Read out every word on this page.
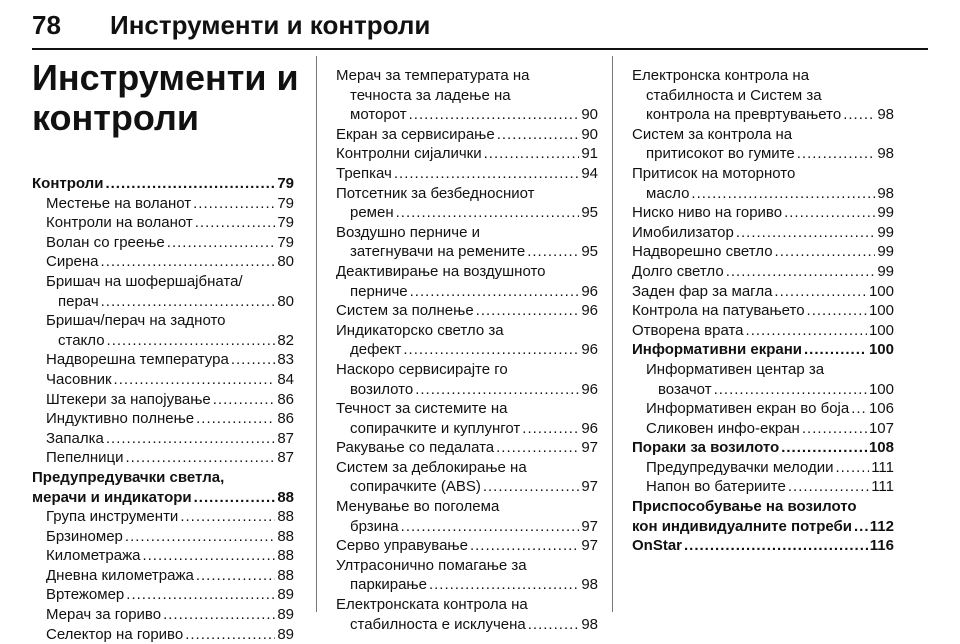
78 Инструменти и контроли
Инструменти и контроли
Контроли .....	79
Местење на воланот .....	79
Контроли на воланот .....	79
Волан со греење .....	79
Сирена .....	80
Бришач на шофершајбната/
перач .....	80
Бришач/перач на задното
стакло .....	82
Надворешна температура .....	83
Часовник .....	84
Штекери за напојување .....	86
Индуктивно полнење .....	86
Запалка .....	87
Пепелници .....	87
Предупредувачки светла,
мерачи и индикатори .....	88
Група инструменти .....	88
Брзиномер .....	88
Километража .....	88
Дневна километража .....	88
Вртежомер .....	89
Мерач за гориво .....	89
Селектор на гориво .....	89
Мерач за температурата на
течноста за ладење на
моторот .....	90
Екран за сервисирање .....	90
Контролни сијалички .....	91
Трепкач .....	94
Потсетник за безбедносниот
ремен .....	95
Воздушно перниче и
затегнувачи на ремените .....	95
Деактивирање на воздушното
перниче .....	96
Систем за полнење .....	96
Индикаторско светло за
дефект .....	96
Наскоро сервисирајте го
возилото .....	96
Течност за системите на
сопирачките и куплунгот .....	96
Ракување со педалата .....	97
Систем за деблокирање на
сопирачките (ABS) .....	97
Менување во поголема
брзина .....	97
Серво управување .....	97
Ултрасонично помагање за
паркирање .....	98
Електронската контрола на
стабилноста е исклучена .....	98
Електронска контрола на
стабилноста и Систем за
контрола на превртувањето ..... 98
Систем за контрола на
притисокот во гумите .....	98
Притисок на моторното
масло .....	98
Ниско ниво на гориво .....	99
Имобилизатор .....	99
Надворешно светло .....	99
Долго светло .....	99
Заден фар за магла .....	100
Контрола на патувањето .....	100
Отворена врата .....	100
Информативни екрани .....	100
Информативен центар за
возачот .....	100
Информативен екран во боја ..... 106
Сликовен инфо-екран .....	107
Пораки за возилото .....	108
Предупредувачки мелодии .....	111
Напон во батериите .....	111
Приспособување на возилото
кон индивидуалните потреби ..... 112
OnStar .....	116
